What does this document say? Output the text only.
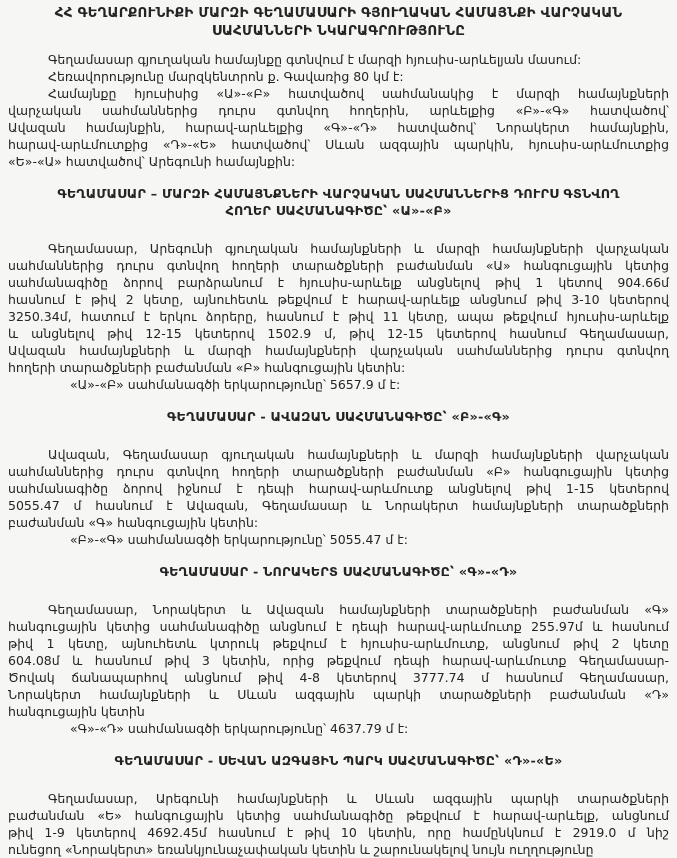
ՀՀ ԳԵՂԱՐՔՈՒՆԻՔԻ ՄԱՐԶԻ ԳԵՂԱՄԱՍԱՐԻ ԳՅՈՒՂԱԿԱՆ ՀԱՄԱՅՆՔԻ ՎԱՐՉԱԿԱՆ
ՍԱՀՄԱՆՆԵՐԻ ՆԿԱՐԱԳՐՈՒԹՅՈՒՆԸ
Գեղամասար գյուղական համայնքը գտնվում է մարզի հյուսիս-արևելյան մասում:
Հեռավորությունը մարզկենտրոն ք. Գավառից 80 կմ է:
Համայնքը հյուսիսից «Ա»-«Բ» հատվածով սահմանակից է մարզի համայնքների
վարչական սահմաններից դուրս գտնվող հողերին, արևելքից «Բ»-«Գ» հատվածով՝
Ավազան համայնքին, հարավ-արևելքից «Գ»-«Դ» հատվածով՝ Նորակերտ համայնքին,
հարավ-արևմուտքից «Դ»-«Ե» հատվածով՝ Սևան ազգային պարկին, հյուսիս-արևմուտքից
«Ե»-«Ա» հատվածով՝ Արեգունի համայնքին:
ԳԵՂԱՄԱՍԱՐ – ՄԱՐԶԻ ՀԱՄԱՅՆՔՆԵՐԻ ՎԱՐՉԱԿԱՆ ՍԱՀՄԱՆՆԵՐԻՑ ԴՈՒՐՍ ԳՏՆՎՈՂ
ՀՈՂԵՐ ՍԱՀՄԱՆԱԳԻԾԸ՝ «Ա»-«Բ»
Գեղամասար, Արեգունի գյուղական համայնքների և մարզի համայնքների վարչական
սահմաններից դուրս գտնվող հողերի տարածքների բաժանման «Ա» հանգուցային կետից
սահմանագիծը ձորով բարձրանում է հյուսիս-արևելք անցնելով թիվ 1 կետով 904.66մ
հասնում է թիվ 2 կետը, այնուհետև թեքվում է հարավ-արևելք անցնում թիվ 3-10 կետերով
3250.34մ, հատում է երկու ձորերը, հասնում է թիվ 11 կետը, ապա թեքվում հյուսիս-արևելք
և անցնելով թիվ 12-15 կետերով 1502.9 մ, թիվ 12-15 կետերով հասնում Գեղամասար,
Ավազան համայնքների և մարզի համայնքների վարչական սահմաններից դուրս գտնվող
հողերի տարածքների բաժանման «Բ» հանգուցային կետին:
«Ա»-«Բ» սահմանագծի երկարությունը՝ 5657.9 մ է:
ԳԵՂԱՄԱՍԱՐ - ԱՎԱԶԱՆ ՍԱՀՄԱՆԱԳԻԾԸ՝ «Բ»-«Գ»
Ավազան, Գեղամասար գյուղական համայնքների և մարզի համայնքների վարչական
սահմաններից դուրս գտնվող հողերի տարածքների բաժանման «Բ» հանգուցային կետից
սահմանագիծը ձորով իջնում է դեպի հարավ-արևմուտք անցնելով թիվ 1-15 կետերով
5055.47 մ հասնում է Ավազան, Գեղամասար և Նորակերտ համայնքների տարածքների
բաժանման «Գ» հանգուցային կետին:
«Բ»-«Գ» սահմանագծի երկարությունը՝ 5055.47 մ է:
ԳԵՂԱՄԱՍԱՐ - ՆՈՐԱԿԵՐՏ ՍԱՀՄԱՆԱԳԻԾԸ՝ «Գ»-«Դ»
Գեղամասար, Նորակերտ և Ավազան համայնքների տարածքների բաժանման «Գ»
հանգուցային կետից սահմանագիծը անցնում է դեպի հարավ-արևմուտք 255.97մ և հասնում
թիվ 1 կետը, այնուհետև կտրուկ թեքվում է հյուսիս-արևմուտք, անցնում թիվ 2 կետը
604.08մ և հասնում թիվ 3 կետին, որից թեքվում դեպի հարավ-արևմուտք Գեղամասար-
Ծովակ ճանապարհով անցնում թիվ 4-8 կետերով 3777.74 մ հասնում Գեղամասար,
Նորակերտ համայնքների և Սևան ազգային պարկի տարածքների բաժանման «Դ»
հանգուցային կետին
«Գ»-«Դ» սահմանագծի երկարությունը՝ 4637.79 մ է:
ԳԵՂԱՄԱՍԱՐ - ՍԵՎԱՆ ԱԶԳԱՅԻՆ ՊԱՐԿ ՍԱՀՄԱՆԱԳԻԾԸ՝ «Դ»-«Ե»
Գեղամասար, Արեգունի համայնքների և Սևան ազգային պարկի տարածքների
բաժանման «Ե» հանգուցային կետից սահմանագիծը թեքվում է հարավ-արևելք, անցնում
թիվ 1-9 կետերով 4692.45մ հասնում է թիվ 10 կետին, որը համընկնում է 2919.0 մ նիշ
ունեցող «Նորակերտ» եռանկյունաչափական կետին և շարունակելով նույն ուղղությունը
